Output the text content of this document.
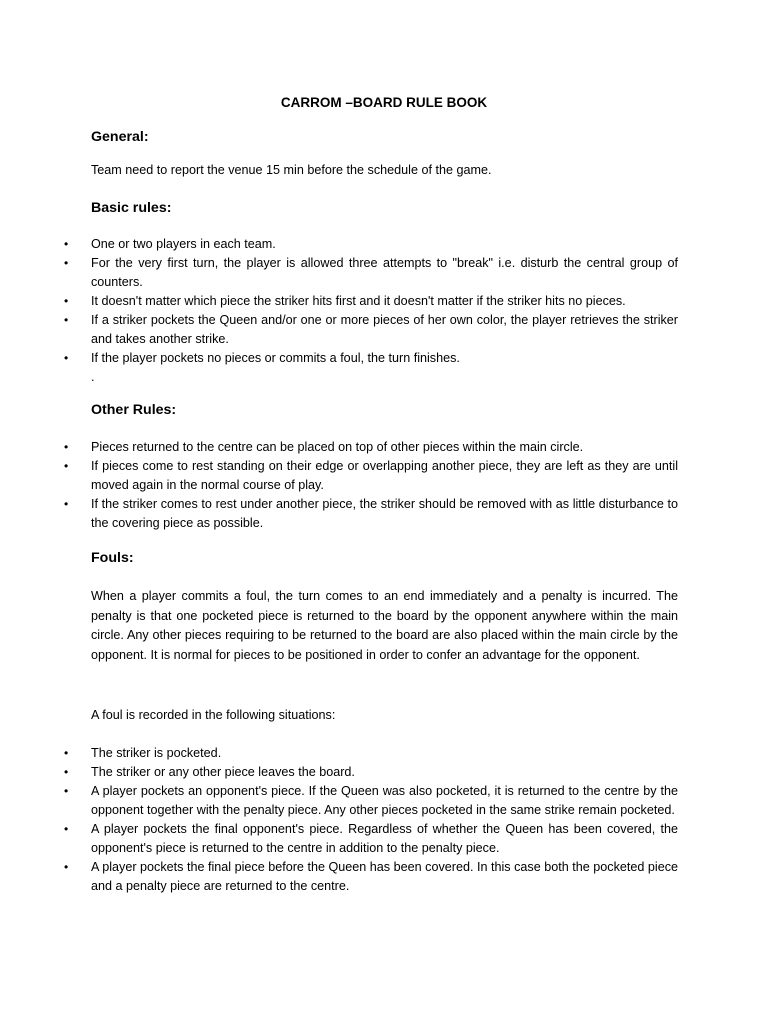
CARROM –BOARD RULE BOOK
General:
Team need to report the venue 15 min before the schedule of the game.
Basic rules:
• One or two players in each team.
• For the very first turn, the player is allowed three attempts to "break" i.e. disturb the central group of counters.
• It doesn't matter which piece the striker hits first and it doesn't matter if the striker hits no pieces.
• If a striker pockets the Queen and/or one or more pieces of her own color, the player retrieves the striker and takes another strike.
• If the player pockets no pieces or commits a foul, the turn finishes.
.
Other Rules:
• Pieces returned to the centre can be placed on top of other pieces within the main circle.
• If pieces come to rest standing on their edge or overlapping another piece, they are left as they are until moved again in the normal course of play.
• If the striker comes to rest under another piece, the striker should be removed with as little disturbance to the covering piece as possible.
Fouls:
When a player commits a foul, the turn comes to an end immediately and a penalty is incurred. The penalty is that one pocketed piece is returned to the board by the opponent anywhere within the main circle. Any other pieces requiring to be returned to the board are also placed within the main circle by the opponent. It is normal for pieces to be positioned in order to confer an advantage for the opponent.
A foul is recorded in the following situations:
• The striker is pocketed.
• The striker or any other piece leaves the board.
• A player pockets an opponent's piece. If the Queen was also pocketed, it is returned to the centre by the opponent together with the penalty piece. Any other pieces pocketed in the same strike remain pocketed.
• A player pockets the final opponent's piece. Regardless of whether the Queen has been covered, the opponent's piece is returned to the centre in addition to the penalty piece.
• A player pockets the final piece before the Queen has been covered. In this case both the pocketed piece and a penalty piece are returned to the centre.
